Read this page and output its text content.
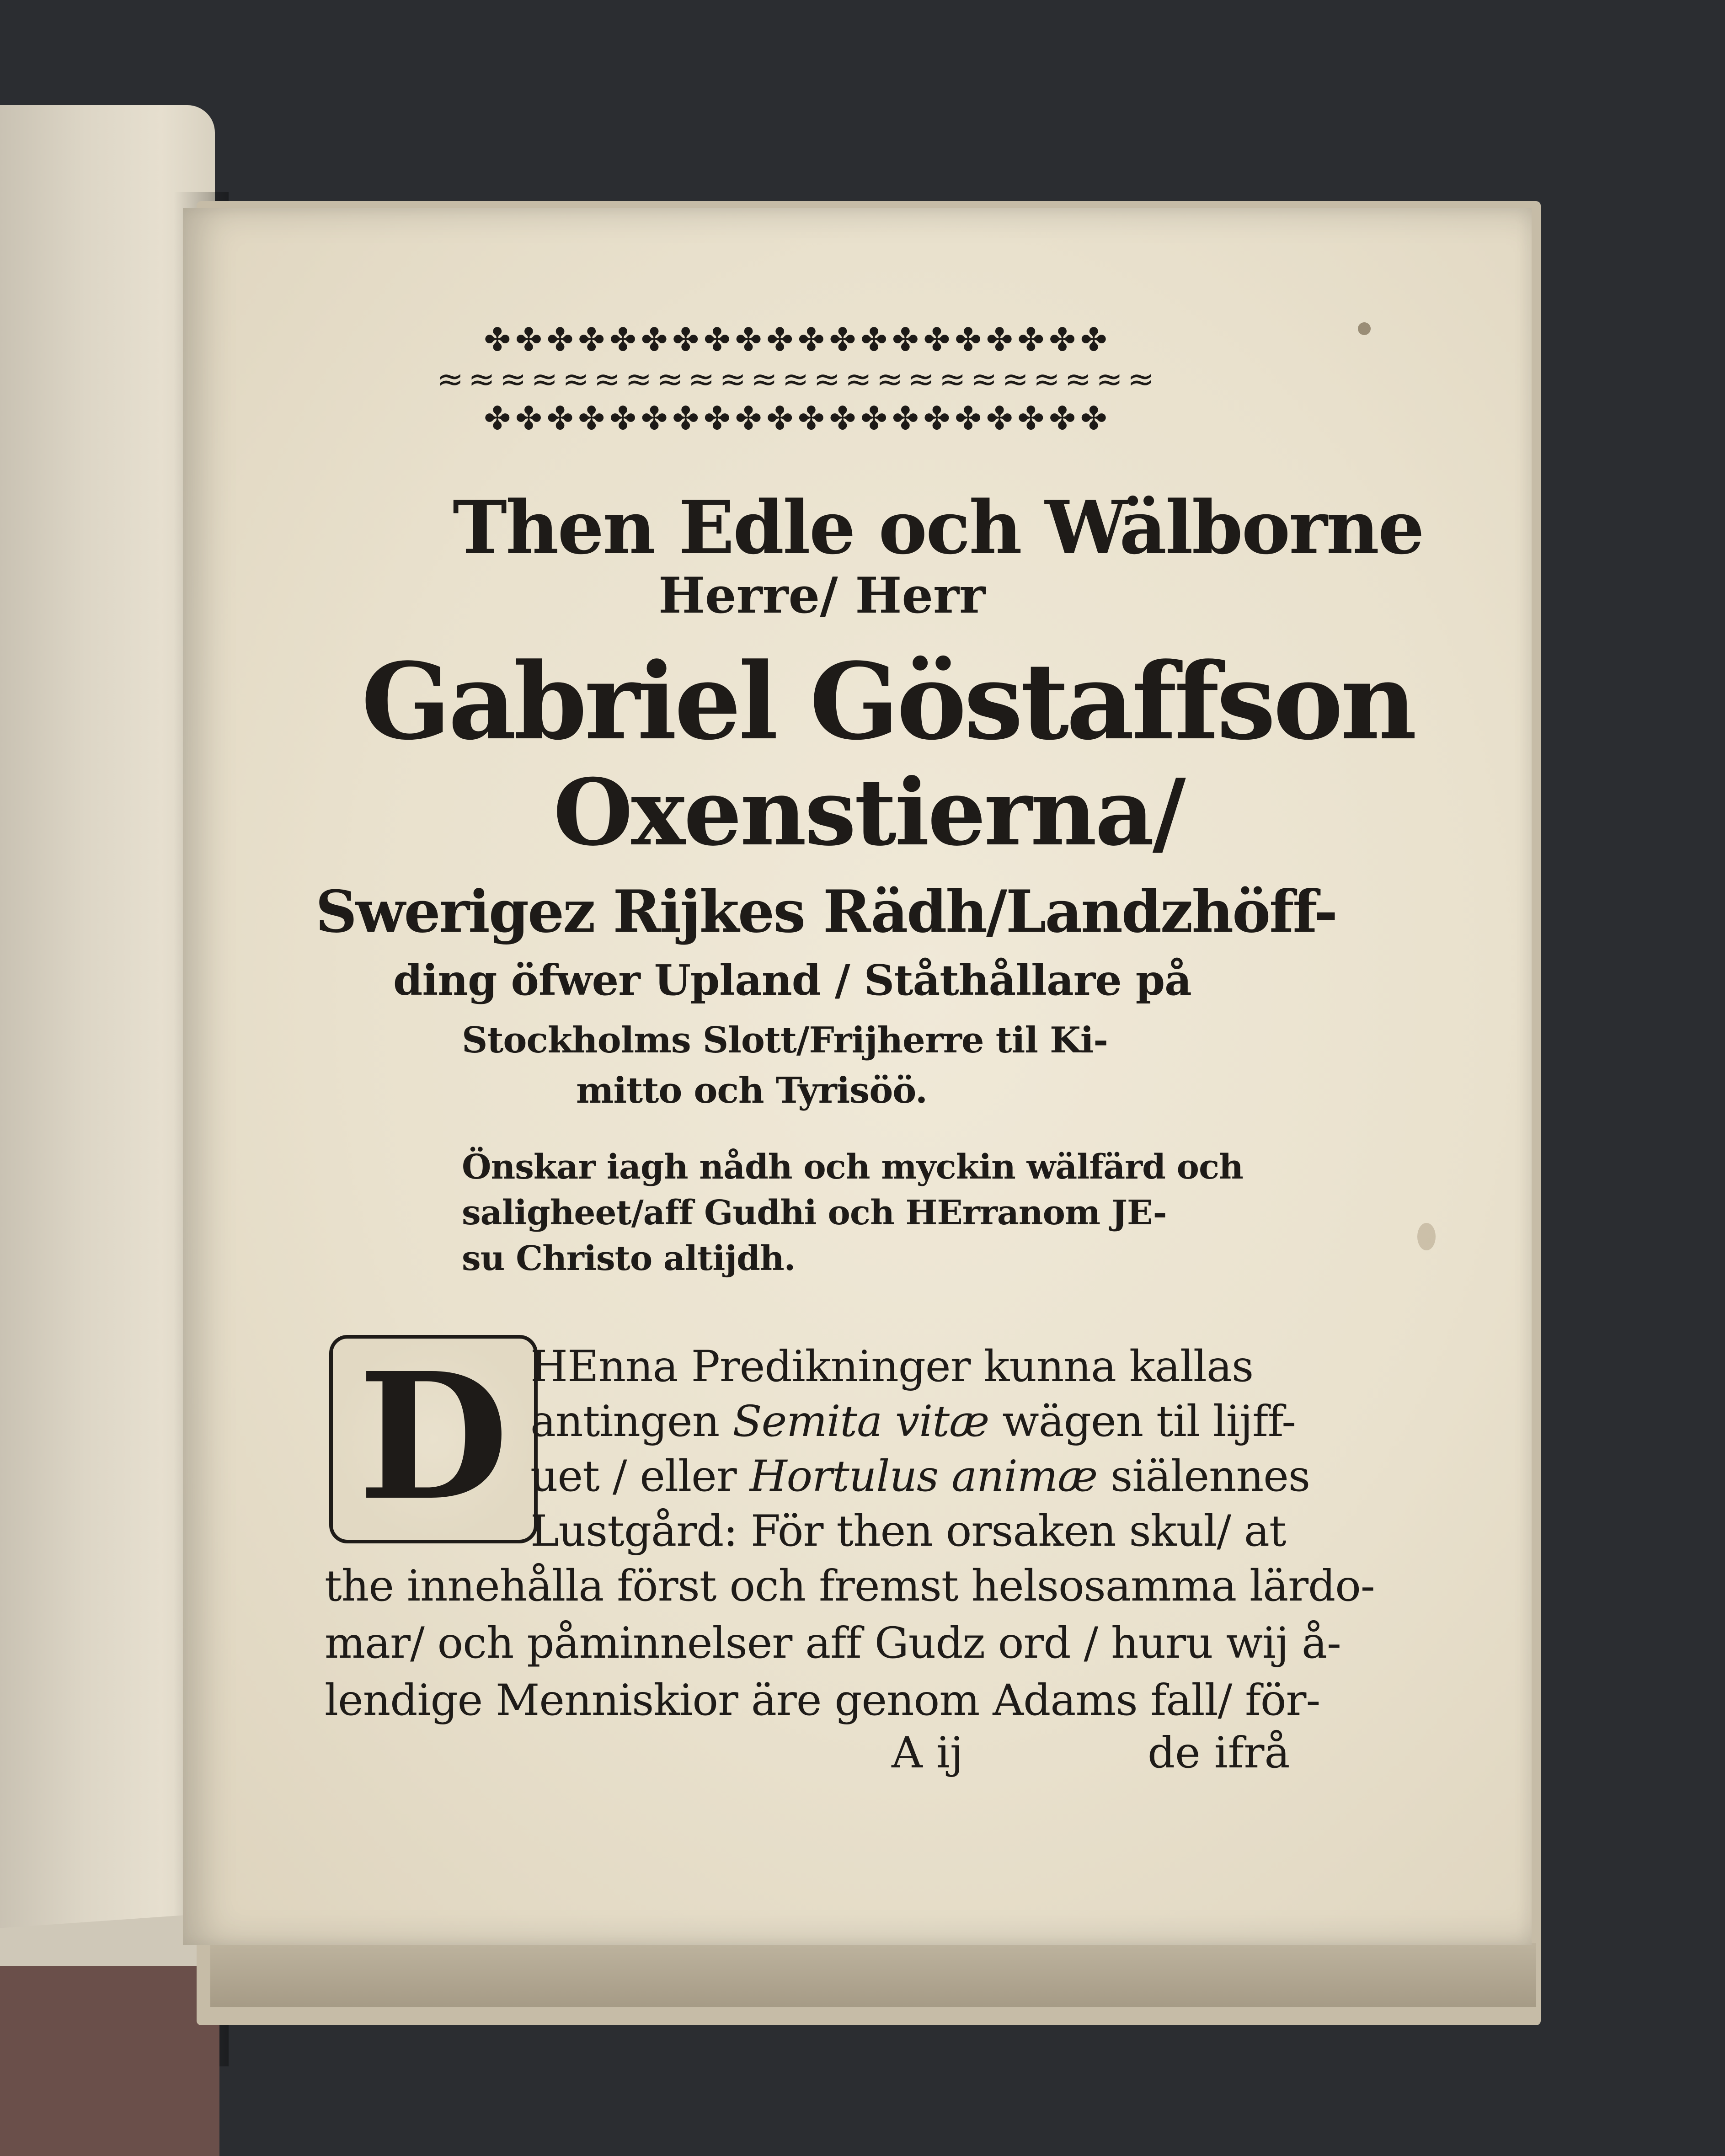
✤✤✤✤✤✤✤✤✤✤✤✤✤✤✤✤✤✤✤✤
≈≈≈≈≈≈≈≈≈≈≈≈≈≈≈≈≈≈≈≈≈≈≈
✤✤✤✤✤✤✤✤✤✤✤✤✤✤✤✤✤✤✤✤
Then Edle och Wälborne
Herre/ Herr
Gabriel Göstaffson
Oxenstierna/
Swerigez Rijkes Rädh/Landzhöff-
ding öfwer Upland / Ståthållare på
Stockholms Slott/Frijherre til Ki-
mitto och Tyrisöö.
Önskar iagh nådh och myckin wälfärd och
saligheet/aff Gudhi och HErranom JE-
su Christo altijdh.
D HEnna Predikninger kunna kallas
antingen Semita vitæ wägen til lijff-
uet / eller Hortulus animæ siälennes
Lustgård: För then orsaken skul/ at
the innehålla först och fremst helsosamma lärdo-
mar/ och påminnelser aff Gudz ord / huru wij å-
lendige Menniskior äre genom Adams fall/ för-
A ij	de ifrå
